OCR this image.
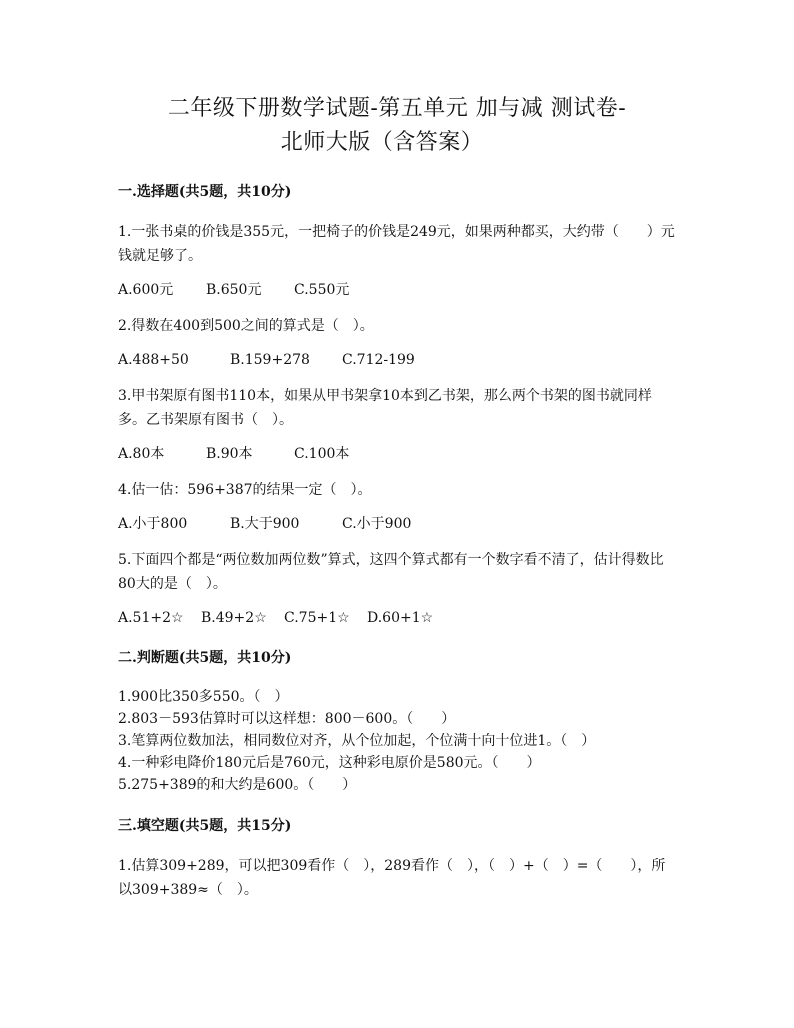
二年级下册数学试题-第五单元 加与减 测试卷-
北师大版（含答案）
一.选择题(共5题，共10分)
1.一张书桌的价钱是355元，一把椅子的价钱是249元，如果两种都买，大约带（　　）元钱就足够了。
A.600元	B.650元	C.550元
2.得数在400到500之间的算式是（　）。
A.488+50	B.159+278	C.712-199
3.甲书架原有图书110本，如果从甲书架拿10本到乙书架，那么两个书架的图书就同样多。乙书架原有图书（　）。
A.80本	B.90本	C.100本
4.估一估：596+387的结果一定（　）。
A.小于800	B.大于900	C.小于900
5.下面四个都是“两位数加两位数”算式，这四个算式都有一个数字看不清了，估计得数比80大的是（　）。
A.51+2☆	B.49+2☆	C.75+1☆	D.60+1☆
二.判断题(共5题，共10分)
1.900比350多550。（　）
2.803－593估算时可以这样想：800－600。（　　）
3.笔算两位数加法，相同数位对齐，从个位加起，个位满十向十位进1。（　）
4.一种彩电降价180元后是760元，这种彩电原价是580元。（　　）
5.275+389的和大约是600。（　　）
三.填空题(共5题，共15分)
1.估算309+289，可以把309看作（　），289看作（　），（　）+（　）=（　　），所以309+389≈（　）。
